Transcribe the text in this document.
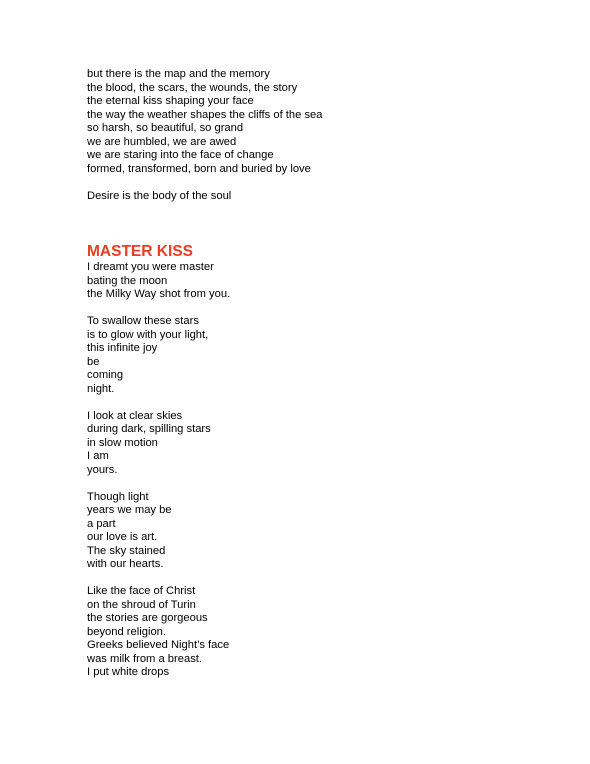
but there is the map and the memory
the blood, the scars, the wounds, the story
the eternal kiss shaping your face
the way the weather shapes the cliffs of the sea
so harsh, so beautiful, so grand
we are humbled, we are awed
we are staring into the face of change
formed, transformed, born and buried by love
Desire is the body of the soul
MASTER KISS
I dreamt you were master
bating the moon
the Milky Way shot from you.
To swallow these stars
is to glow with your light,
this infinite joy
be
coming
night.
I look at clear skies
during dark, spilling stars
in slow motion
I am
yours.
Though light
years we may be
a part
our love is art.
The sky stained
with our hearts.
Like the face of Christ
on the shroud of Turin
the stories are gorgeous
beyond religion.
Greeks believed Night’s face
was milk from a breast.
I put white drops
